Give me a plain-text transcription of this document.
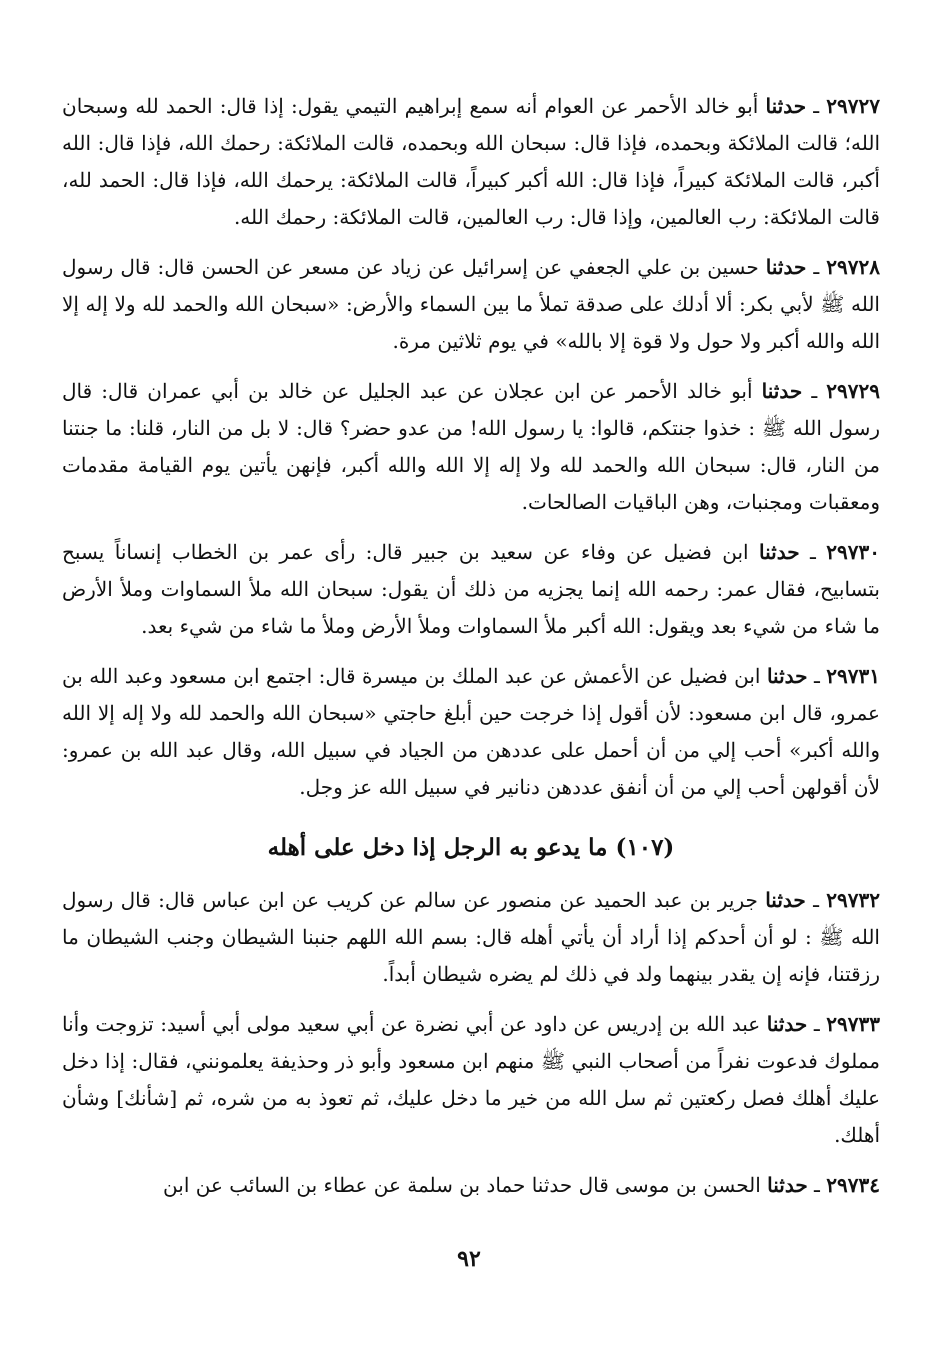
٢٩٧٢٧ ـ حدثنا أبو خالد الأحمر عن العوام أنه سمع إبراهيم التيمي يقول: إذا قال: الحمد لله وسبحان الله؛ قالت الملائكة وبحمده، فإذا قال: سبحان الله وبحمده، قالت الملائكة: رحمك الله، فإذا قال: الله أكبر، قالت الملائكة كبيراً، فإذا قال: الله أكبر كبيراً، قالت الملائكة: يرحمك الله، فإذا قال: الحمد لله، قالت الملائكة: رب العالمين، وإذا قال: رب العالمين، قالت الملائكة: رحمك الله.

٢٩٧٢٨ ـ حدثنا حسين بن علي الجعفي عن إسرائيل عن زياد عن مسعر عن الحسن قال: قال رسول الله ﷺ لأبي بكر: ألا أدلك على صدقة تملأ ما بين السماء والأرض: «سبحان الله والحمد لله ولا إله إلا الله والله أكبر ولا حول ولا قوة إلا بالله» في يوم ثلاثين مرة.

٢٩٧٢٩ ـ حدثنا أبو خالد الأحمر عن ابن عجلان عن عبد الجليل عن خالد بن أبي عمران قال: قال رسول الله ﷺ : خذوا جنتكم، قالوا: يا رسول الله! من عدو حضر؟ قال: لا بل من النار، قلنا: ما جنتنا من النار، قال: سبحان الله والحمد لله ولا إله إلا الله والله أكبر، فإنهن يأتين يوم القيامة مقدمات ومعقبات ومجنبات، وهن الباقيات الصالحات.

٢٩٧٣٠ ـ حدثنا ابن فضيل عن وفاء عن سعيد بن جبير قال: رأى عمر بن الخطاب إنساناً يسبح بتسابيح، فقال عمر: رحمه الله إنما يجزيه من ذلك أن يقول: سبحان الله ملأ السماوات وملأ الأرض ما شاء من شيء بعد ويقول: الله أكبر ملأ السماوات وملأ الأرض وملأ ما شاء من شيء بعد.

٢٩٧٣١ ـ حدثنا ابن فضيل عن الأعمش عن عبد الملك بن ميسرة قال: اجتمع ابن مسعود وعبد الله بن عمرو، قال ابن مسعود: لأن أقول إذا خرجت حين أبلغ حاجتي «سبحان الله والحمد لله ولا إله إلا الله والله أكبر» أحب إلي من أن أحمل على عددهن من الجياد في سبيل الله، وقال عبد الله بن عمرو: لأن أقولهن أحب إلي من أن أنفق عددهن دنانير في سبيل الله عز وجل.

(١٠٧) ما يدعو به الرجل إذا دخل على أهله

٢٩٧٣٢ ـ حدثنا جرير بن عبد الحميد عن منصور عن سالم عن كريب عن ابن عباس قال: قال رسول الله ﷺ : لو أن أحدكم إذا أراد أن يأتي أهله قال: بسم الله اللهم جنبنا الشيطان وجنب الشيطان ما رزقتنا، فإنه إن يقدر بينهما ولد في ذلك لم يضره شيطان أبداً.

٢٩٧٣٣ ـ حدثنا عبد الله بن إدريس عن داود عن أبي نضرة عن أبي سعيد مولى أبي أسيد: تزوجت وأنا مملوك فدعوت نفراً من أصحاب النبي ﷺ منهم ابن مسعود وأبو ذر وحذيفة يعلمونني، فقال: إذا دخل عليك أهلك فصل ركعتين ثم سل الله من خير ما دخل عليك، ثم تعوذ به من شره، ثم [شأنك] وشأن أهلك.

٢٩٧٣٤ ـ حدثنا الحسن بن موسى قال حدثنا حماد بن سلمة عن عطاء بن السائب عن ابن

٩٢
